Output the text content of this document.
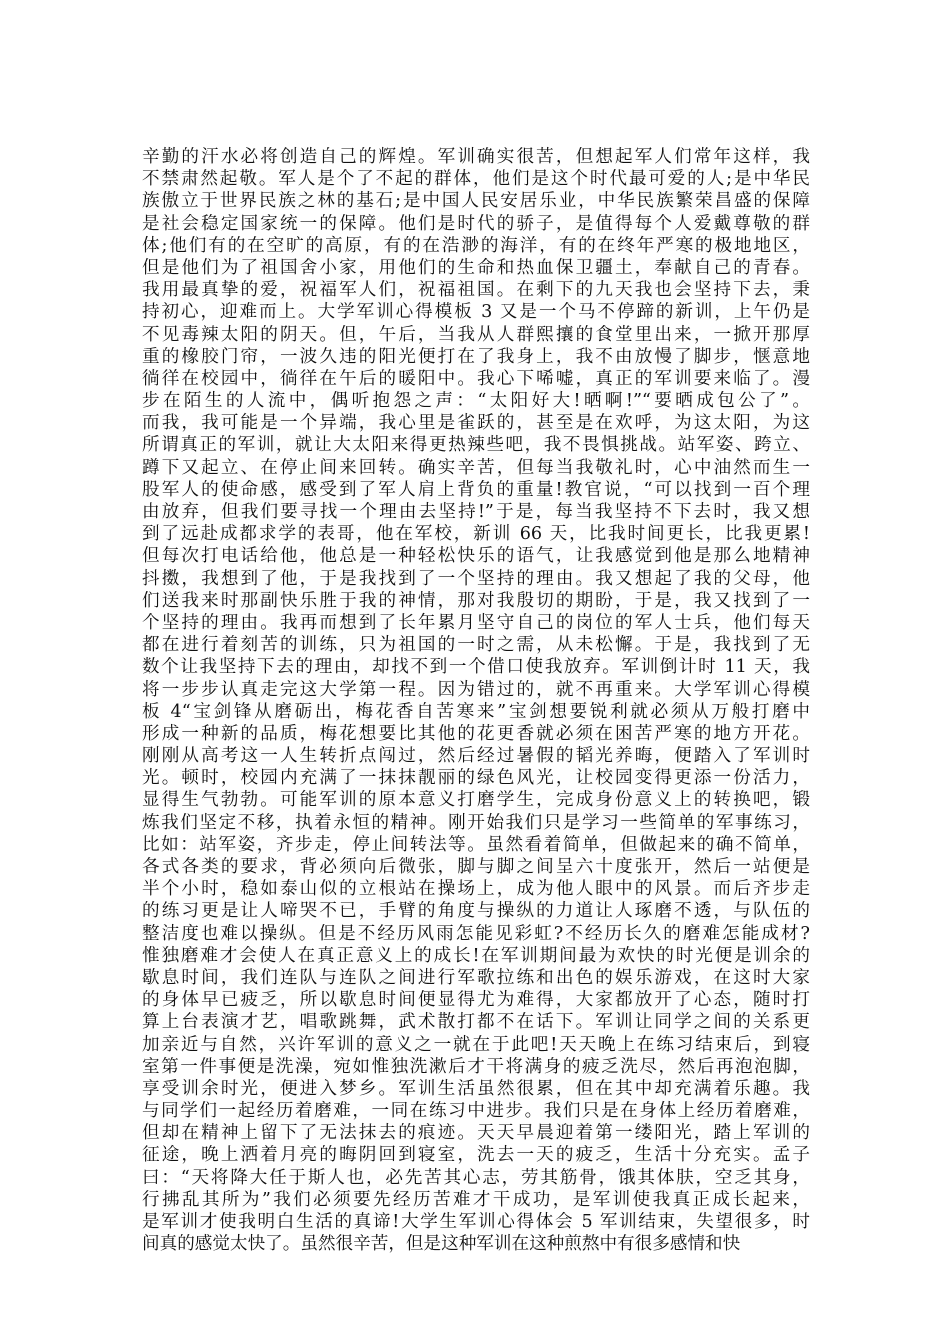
辛勤的汗水必将创造自己的辉煌。军训确实很苦，但想起军人们常年这样，我
不禁肃然起敬。军人是个了不起的群体，他们是这个时代最可爱的人;是中华民
族傲立于世界民族之林的基石;是中国人民安居乐业，中华民族繁荣昌盛的保障
是社会稳定国家统一的保障。他们是时代的骄子，是值得每个人爱戴尊敬的群
体;他们有的在空旷的高原，有的在浩渺的海洋，有的在终年严寒的极地地区，
但是他们为了祖国舍小家，用他们的生命和热血保卫疆土，奉献自己的青春。
我用最真挚的爱，祝福军人们，祝福祖国。在剩下的九天我也会坚持下去，秉
持初心，迎难而上。大学军训心得模板 3 又是一个马不停蹄的新训，上午仍是
不见毒辣太阳的阴天。但，午后，当我从人群熙攘的食堂里出来，一掀开那厚
重的橡胶门帘，一波久违的阳光便打在了我身上，我不由放慢了脚步，惬意地
徜徉在校园中，徜徉在午后的暖阳中。我心下唏嘘，真正的军训要来临了。漫
步在陌生的人流中，偶听抱怨之声：“太阳好大!晒啊!”“要晒成包公了”。
而我，我可能是一个异端，我心里是雀跃的，甚至是在欢呼，为这太阳，为这
所谓真正的军训，就让大太阳来得更热辣些吧，我不畏惧挑战。站军姿、跨立、
蹲下又起立、在停止间来回转。确实辛苦，但每当我敬礼时，心中油然而生一
股军人的使命感，感受到了军人肩上背负的重量!教官说，“可以找到一百个理
由放弃，但我们要寻找一个理由去坚持!”于是，每当我坚持不下去时，我又想
到了远赴成都求学的表哥，他在军校，新训 66 天，比我时间更长，比我更累!
但每次打电话给他，他总是一种轻松快乐的语气，让我感觉到他是那么地精神
抖擞，我想到了他，于是我找到了一个坚持的理由。我又想起了我的父母，他
们送我来时那副快乐胜于我的神情，那对我殷切的期盼，于是，我又找到了一
个坚持的理由。我再而想到了长年累月坚守自己的岗位的军人士兵，他们每天
都在进行着刻苦的训练，只为祖国的一时之需，从未松懈。于是，我找到了无
数个让我坚持下去的理由，却找不到一个借口使我放弃。军训倒计时 11 天，我
将一步步认真走完这大学第一程。因为错过的，就不再重来。大学军训心得模
板 4“宝剑锋从磨砺出，梅花香自苦寒来”宝剑想要锐利就必须从万般打磨中
形成一种新的品质，梅花想要比其他的花更香就必须在困苦严寒的地方开花。
刚刚从高考这一人生转折点闯过，然后经过暑假的韬光养晦，便踏入了军训时
光。顿时，校园内充满了一抹抹靓丽的绿色风光，让校园变得更添一份活力，
显得生气勃勃。可能军训的原本意义打磨学生，完成身份意义上的转换吧，锻
炼我们坚定不移，执着永恒的精神。刚开始我们只是学习一些简单的军事练习，
比如：站军姿，齐步走，停止间转法等。虽然看着简单，但做起来的确不简单，
各式各类的要求，背必须向后微张，脚与脚之间呈六十度张开，然后一站便是
半个小时，稳如泰山似的立根站在操场上，成为他人眼中的风景。而后齐步走
的练习更是让人啼哭不已，手臂的角度与操纵的力道让人琢磨不透，与队伍的
整洁度也难以操纵。但是不经历风雨怎能见彩虹?不经历长久的磨难怎能成材?
惟独磨难才会使人在真正意义上的成长!在军训期间最为欢快的时光便是训余的
歇息时间，我们连队与连队之间进行军歌拉练和出色的娱乐游戏，在这时大家
的身体早已疲乏，所以歇息时间便显得尤为难得，大家都放开了心态，随时打
算上台表演才艺，唱歌跳舞，武术散打都不在话下。军训让同学之间的关系更
加亲近与自然，兴许军训的意义之一就在于此吧!天天晚上在练习结束后，到寝
室第一件事便是洗澡，宛如惟独洗漱后才干将满身的疲乏洗尽，然后再泡泡脚，
享受训余时光，便进入梦乡。军训生活虽然很累，但在其中却充满着乐趣。我
与同学们一起经历着磨难，一同在练习中进步。我们只是在身体上经历着磨难，
但却在精神上留下了无法抹去的痕迹。天天早晨迎着第一缕阳光，踏上军训的
征途，晚上洒着月亮的晦阴回到寝室，洗去一天的疲乏，生活十分充实。孟子
曰：“天将降大任于斯人也，必先苦其心志，劳其筋骨，饿其体肤，空乏其身，
行拂乱其所为”我们必须要先经历苦难才干成功，是军训使我真正成长起来，
是军训才使我明白生活的真谛!大学生军训心得体会 5 军训结束，失望很多，时
间真的感觉太快了。虽然很辛苦，但是这种军训在这种煎熬中有很多感情和快
